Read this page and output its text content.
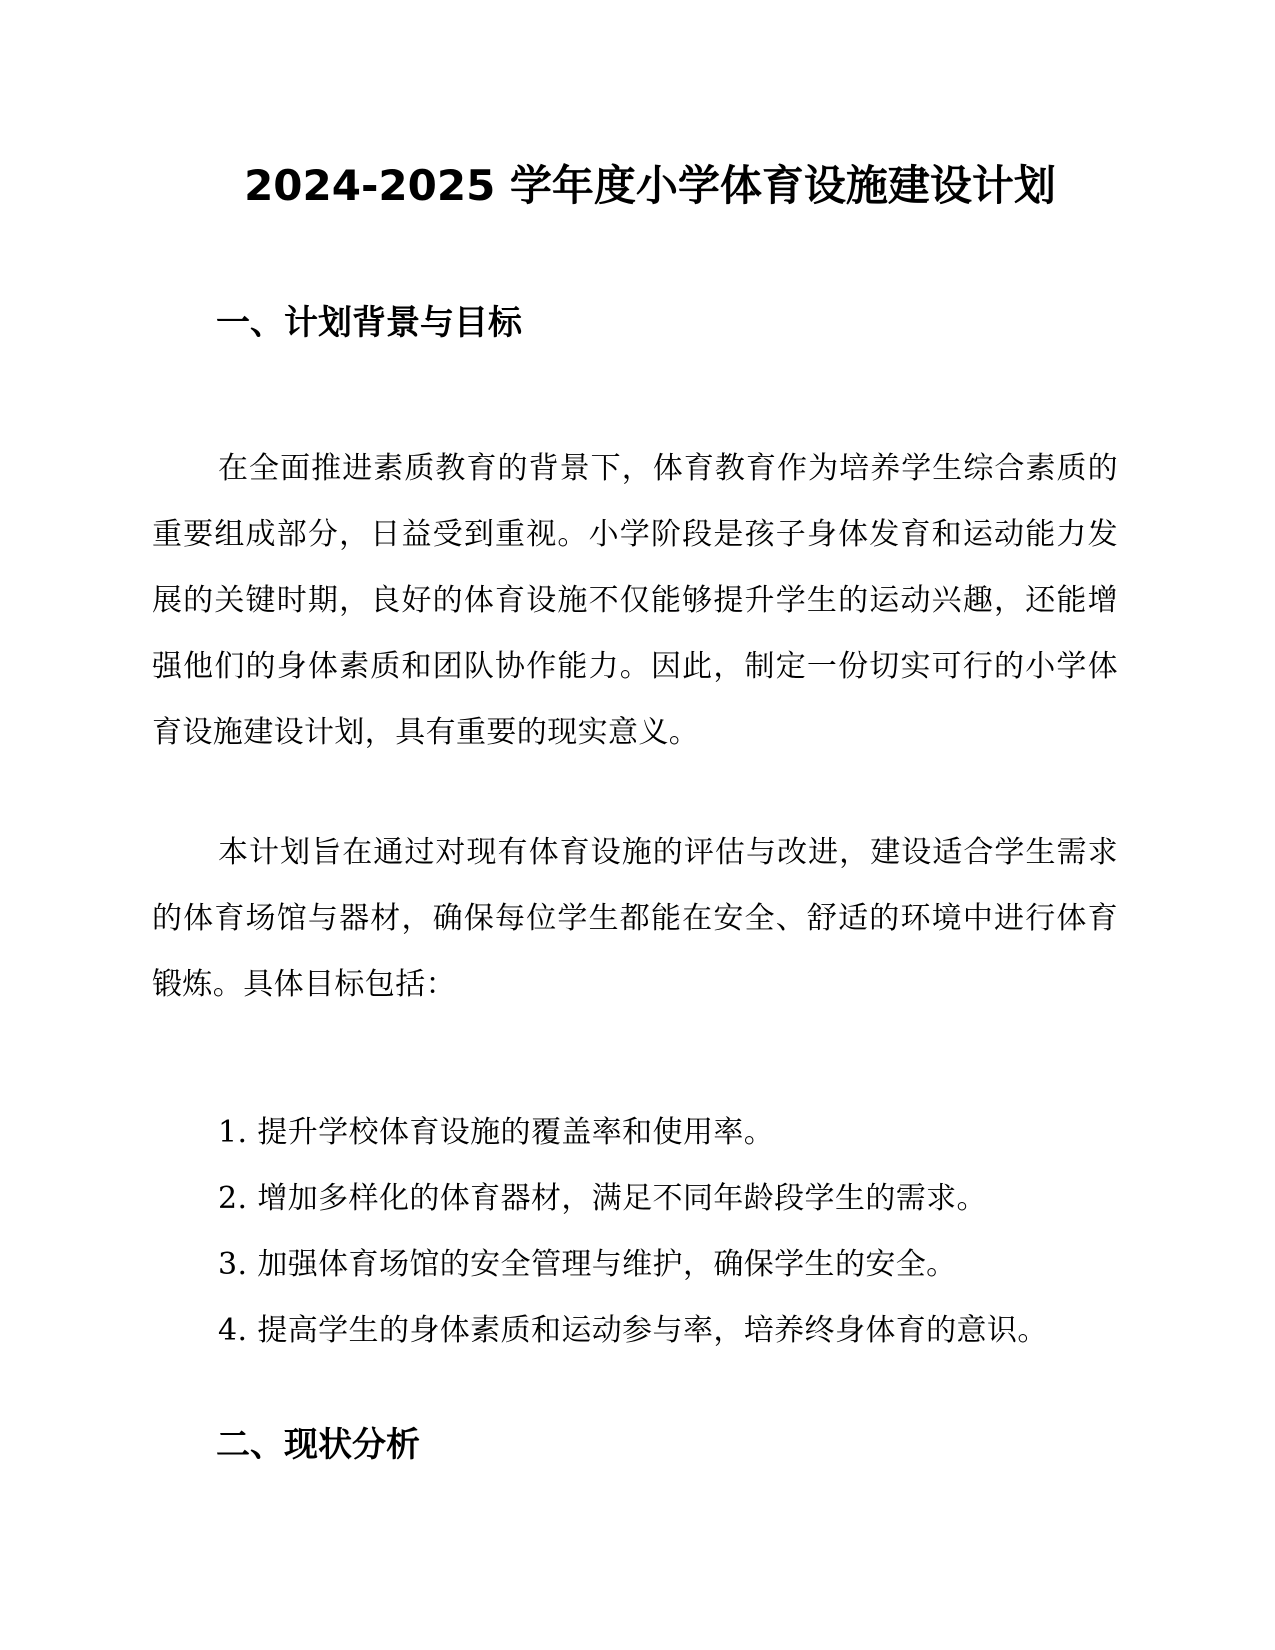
2024-2025 学年度小学体育设施建设计划
一、计划背景与目标

在全面推进素质教育的背景下，体育教育作为培养学生综合素质的重要组成部分，日益受到重视。小学阶段是孩子身体发育和运动能力发展的关键时期，良好的体育设施不仅能够提升学生的运动兴趣，还能增强他们的身体素质和团队协作能力。因此，制定一份切实可行的小学体育设施建设计划，具有重要的现实意义。

本计划旨在通过对现有体育设施的评估与改进，建设适合学生需求的体育场馆与器材，确保每位学生都能在安全、舒适的环境中进行体育锻炼。具体目标包括：

1. 提升学校体育设施的覆盖率和使用率。
2. 增加多样化的体育器材，满足不同年龄段学生的需求。
3. 加强体育场馆的安全管理与维护，确保学生的安全。
4. 提高学生的身体素质和运动参与率，培养终身体育的意识。
二、现状分析
